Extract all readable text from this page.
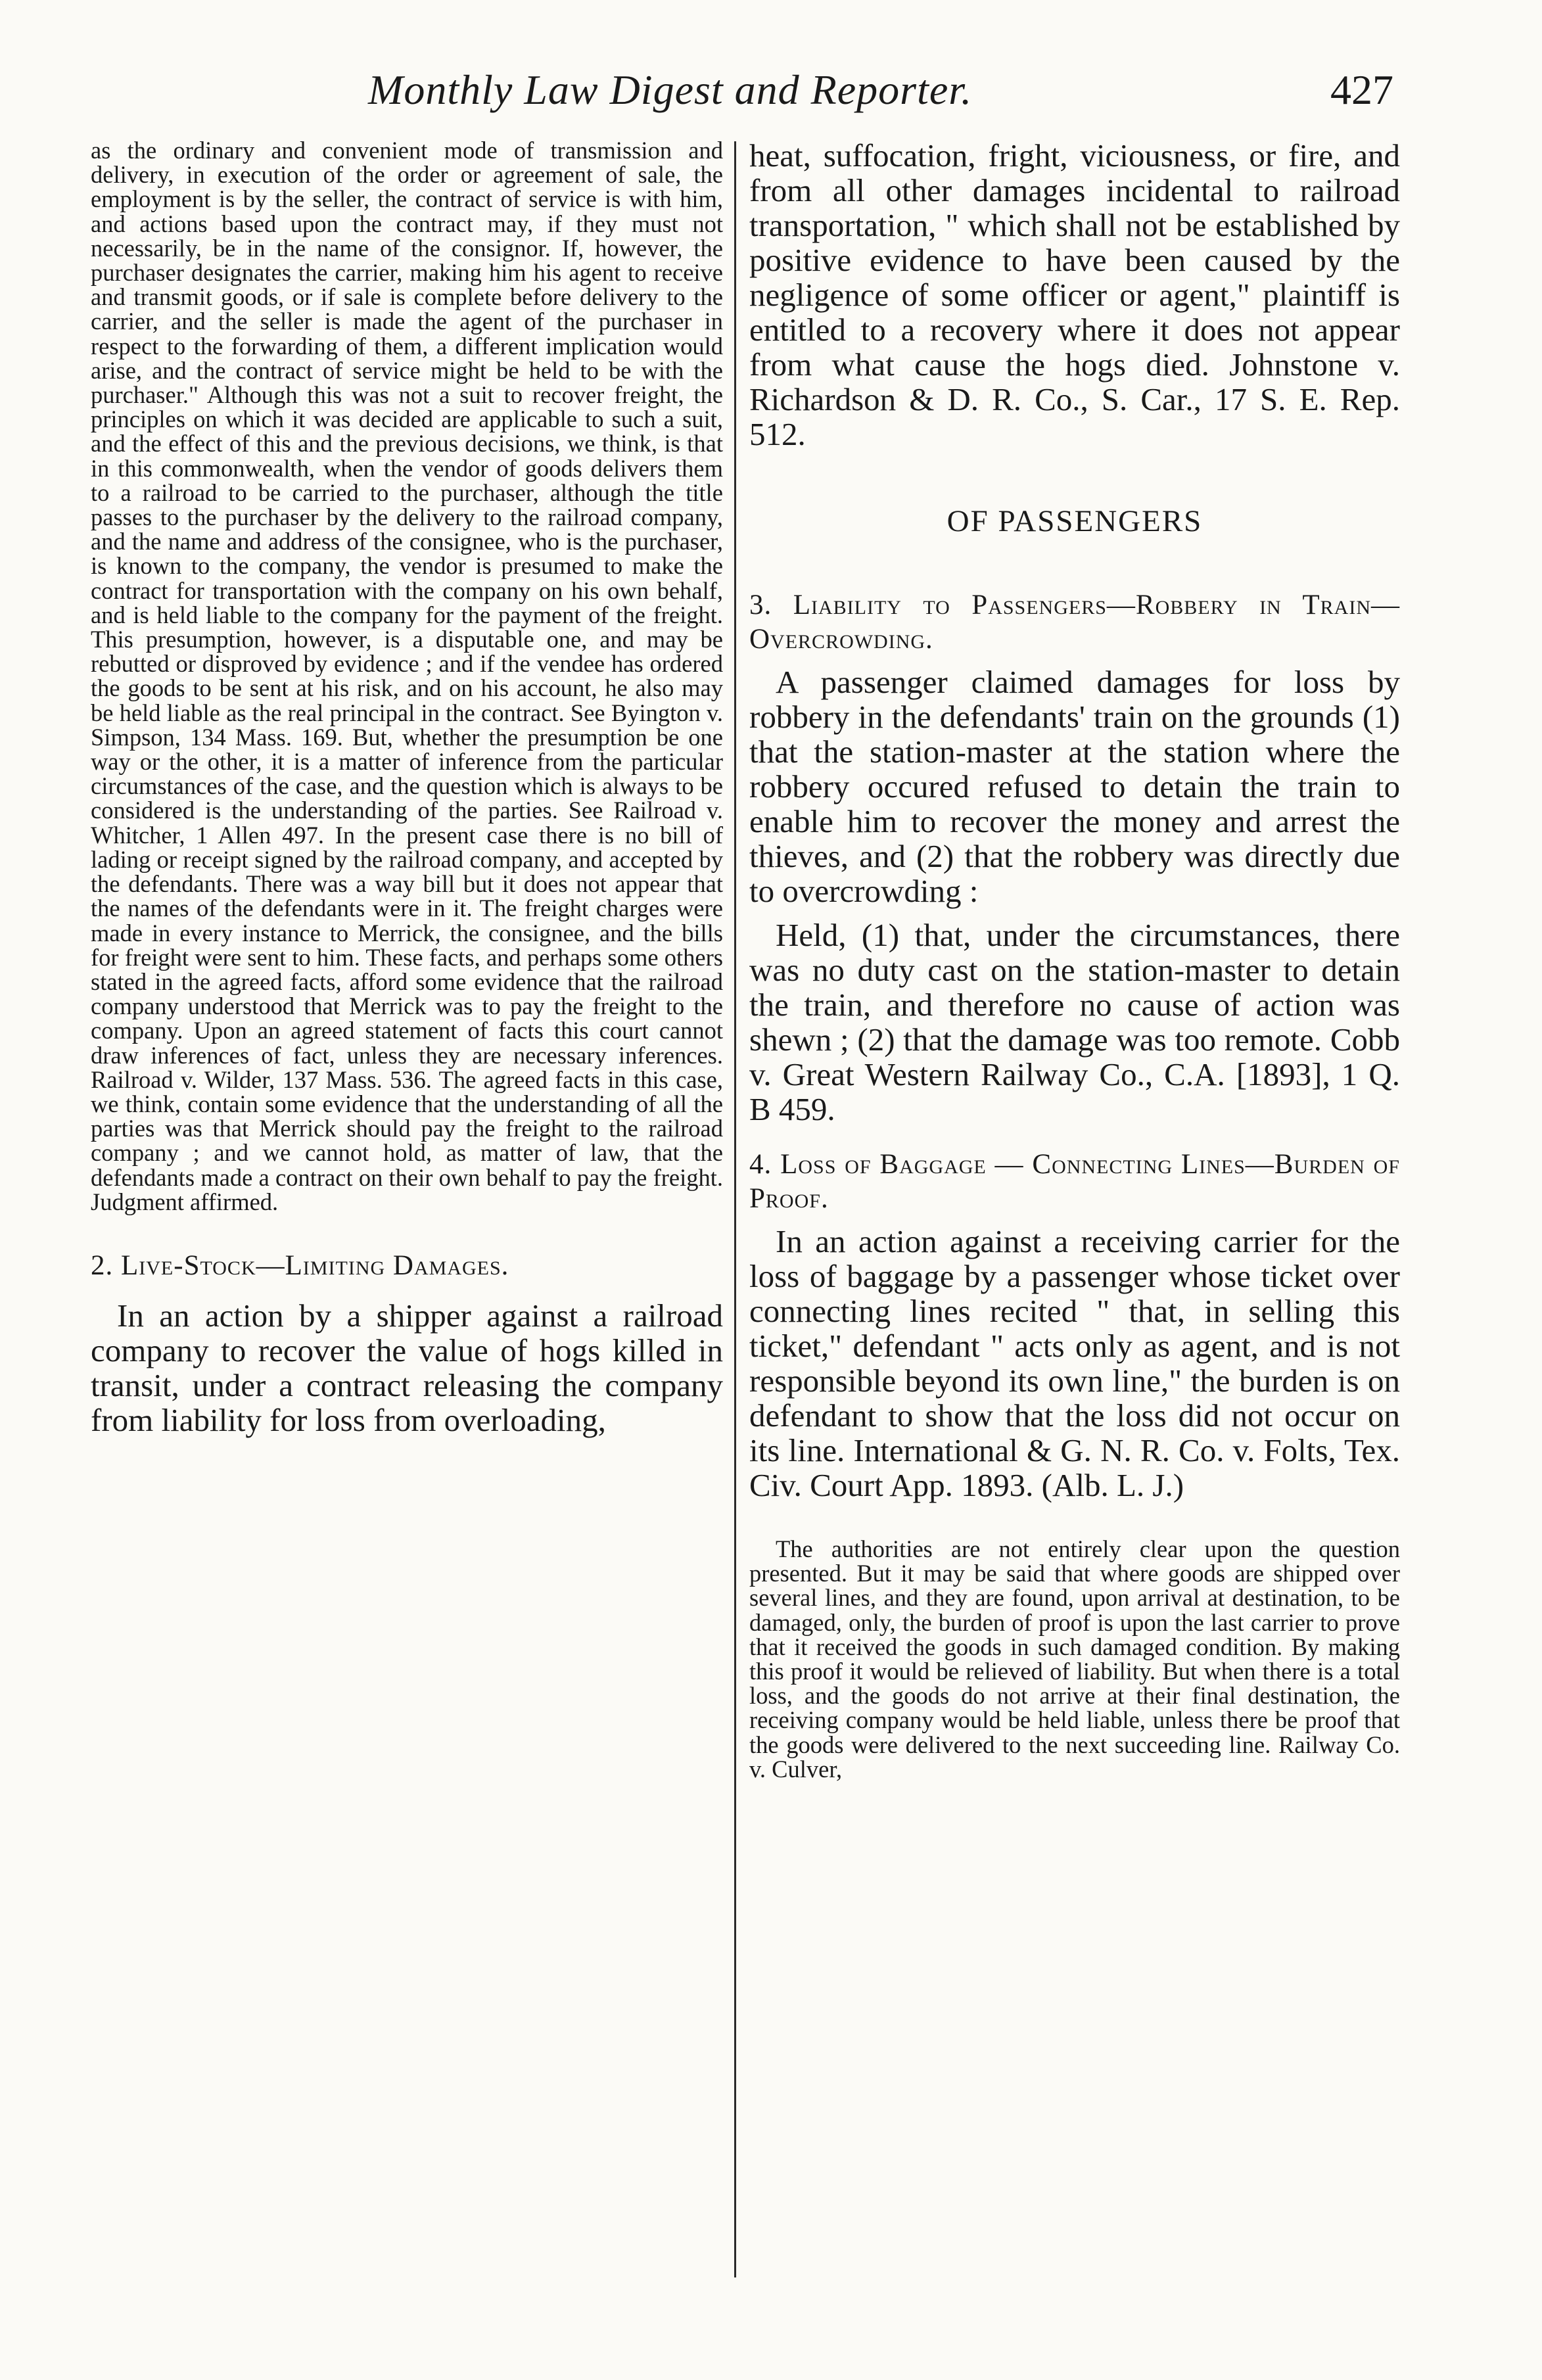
Monthly Law Digest and Reporter.	427

as the ordinary and convenient mode of transmission and delivery, in execution of the order or agreement of sale, the employment is by the seller, the contract of service is with him, and actions based upon the contract may, if they must not necessarily, be in the name of the consignor. If, however, the purchaser designates the carrier, making him his agent to receive and transmit goods, or if sale is complete before delivery to the carrier, and the seller is made the agent of the purchaser in respect to the forwarding of them, a different implication would arise, and the contract of service might be held to be with the purchaser." Although this was not a suit to recover freight, the principles on which it was decided are applicable to such a suit, and the effect of this and the previous decisions, we think, is that in this commonwealth, when the vendor of goods delivers them to a railroad to be carried to the purchaser, although the title passes to the purchaser by the delivery to the railroad company, and the name and address of the consignee, who is the purchaser, is known to the company, the vendor is presumed to make the contract for transportation with the company on his own behalf, and is held liable to the company for the payment of the freight. This presumption, however, is a disputable one, and may be rebutted or disproved by evidence ; and if the vendee has ordered the goods to be sent at his risk, and on his account, he also may be held liable as the real principal in the contract. See Byington v. Simpson, 134 Mass. 169. But, whether the presumption be one way or the other, it is a matter of inference from the particular circumstances of the case, and the question which is always to be considered is the understanding of the parties. See Railroad v. Whitcher, 1 Allen 497. In the present case there is no bill of lading or receipt signed by the railroad company, and accepted by the defendants. There was a way bill but it does not appear that the names of the defendants were in it. The freight charges were made in every instance to Merrick, the consignee, and the bills for freight were sent to him. These facts, and perhaps some others stated in the agreed facts, afford some evidence that the railroad company understood that Merrick was to pay the freight to the company. Upon an agreed statement of facts this court cannot draw inferences of fact, unless they are necessary inferences. Railroad v. Wilder, 137 Mass. 536. The agreed facts in this case, we think, contain some evidence that the understanding of all the parties was that Merrick should pay the freight to the railroad company ; and we cannot hold, as matter of law, that the defendants made a contract on their own behalf to pay the freight. Judgment affirmed.

2. Live-Stock—Limiting Damages.

In an action by a shipper against a railroad company to recover the value of hogs killed in transit, under a contract releasing the company from liability for loss from overloading,

heat, suffocation, fright, viciousness, or fire, and from all other damages incidental to railroad transportation, " which shall not be established by positive evidence to have been caused by the negligence of some officer or agent," plaintiff is entitled to a recovery where it does not appear from what cause the hogs died. Johnstone v. Richardson & D. R. Co., S. Car., 17 S. E. Rep. 512.

OF PASSENGERS
3. Liability to Passengers—Robbery in Train—Overcrowding.

A passenger claimed damages for loss by robbery in the defendants' train on the grounds (1) that the station-master at the station where the robbery occured refused to detain the train to enable him to recover the money and arrest the thieves, and (2) that the robbery was directly due to overcrowding :

Held, (1) that, under the circumstances, there was no duty cast on the station-master to detain the train, and therefore no cause of action was shewn ; (2) that the damage was too remote. Cobb v. Great Western Railway Co., C.A. [1893], 1 Q. B 459.

4. Loss of Baggage — Connecting Lines—Burden of Proof.

In an action against a receiving carrier for the loss of baggage by a passenger whose ticket over connecting lines recited " that, in selling this ticket," defendant " acts only as agent, and is not responsible beyond its own line," the burden is on defendant to show that the loss did not occur on its line. International & G. N. R. Co. v. Folts, Tex. Civ. Court App. 1893. (Alb. L. J.)

The authorities are not entirely clear upon the question presented. But it may be said that where goods are shipped over several lines, and they are found, upon arrival at destination, to be damaged, only, the burden of proof is upon the last carrier to prove that it received the goods in such damaged condition. By making this proof it would be relieved of liability. But when there is a total loss, and the goods do not arrive at their final destination, the receiving company would be held liable, unless there be proof that the goods were delivered to the next succeeding line. Railway Co. v. Culver,
